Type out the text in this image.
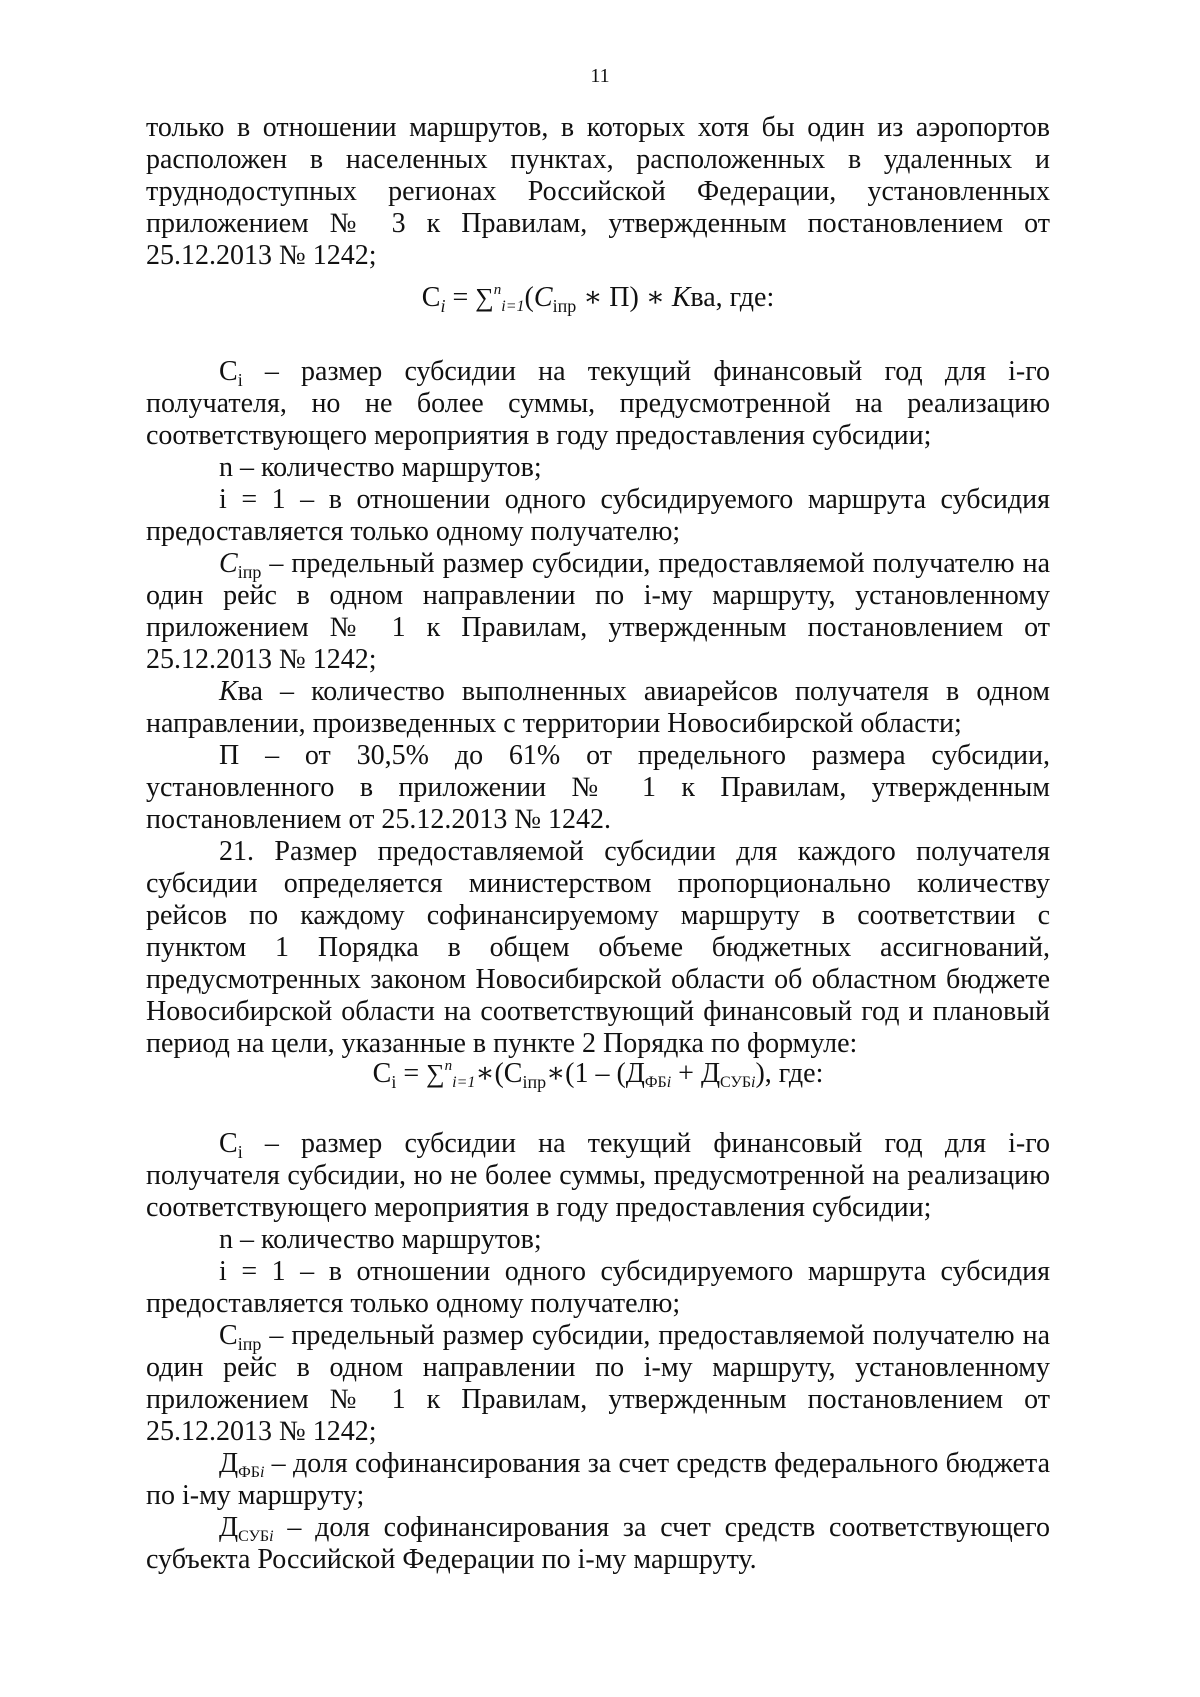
11

только в отношении маршрутов, в которых хотя бы один из аэропортов расположен в населенных пунктах, расположенных в удаленных и труднодоступных регионах Российской Федерации, установленных приложением № 3 к Правилам, утвержденным постановлением от 25.12.2013 № 1242;

$C_i = \sum^ni=1(C_{iпр}$ ∗ П) ∗ Ква, где:

$C_i$ – размер субсидии на текущий финансовый год для i-го получателя, но не более суммы, предусмотренной на реализацию соответствующего мероприятия в году предоставления субсидии;

n – количество маршрутов;

i = 1 – в отношении одного субсидируемого маршрута субсидия предоставляется только одному получателю;

$C_{iпр}$ – предельный размер субсидии, предоставляемой получателю на один рейс в одном направлении по i-му маршруту, установленному приложением № 1 к Правилам, утвержденным постановлением от 25.12.2013 № 1242;

Ква – количество выполненных авиарейсов получателя в одном направлении, произведенных с территории Новосибирской области;

П – от 30,5% до 61% от предельного размера субсидии, установленного в приложении № 1 к Правилам, утвержденным постановлением от 25.12.2013 № 1242.

21. Размер предоставляемой субсидии для каждого получателя субсидии определяется министерством пропорционально количеству рейсов по каждому софинансируемому маршруту в соответствии с пунктом 1 Порядка в общем объеме бюджетных ассигнований, предусмотренных законом Новосибирской области об областном бюджете Новосибирской области на соответствующий финансовый год и плановый период на цели, указанные в пункте 2 Порядка по формуле:

$C_i$ = $\sum^ni=1∗(C_{iпр}∗(1$ – (ДФБi + ДСУБi), где:

$C_i$ – размер субсидии на текущий финансовый год для i-го получателя субсидии, но не более суммы, предусмотренной на реализацию соответствующего мероприятия в году предоставления субсидии;

n – количество маршрутов;

i = 1 – в отношении одного субсидируемого маршрута субсидия предоставляется только одному получателю;

$C_{iпр}$ – предельный размер субсидии, предоставляемой получателю на один рейс в одном направлении по i-му маршруту, установленному приложением № 1 к Правилам, утвержденным постановлением от 25.12.2013 № 1242;

ДФБi – доля софинансирования за счет средств федерального бюджета по i-му маршруту;

ДСУБi – доля софинансирования за счет средств соответствующего субъекта Российской Федерации по i-му маршруту.
